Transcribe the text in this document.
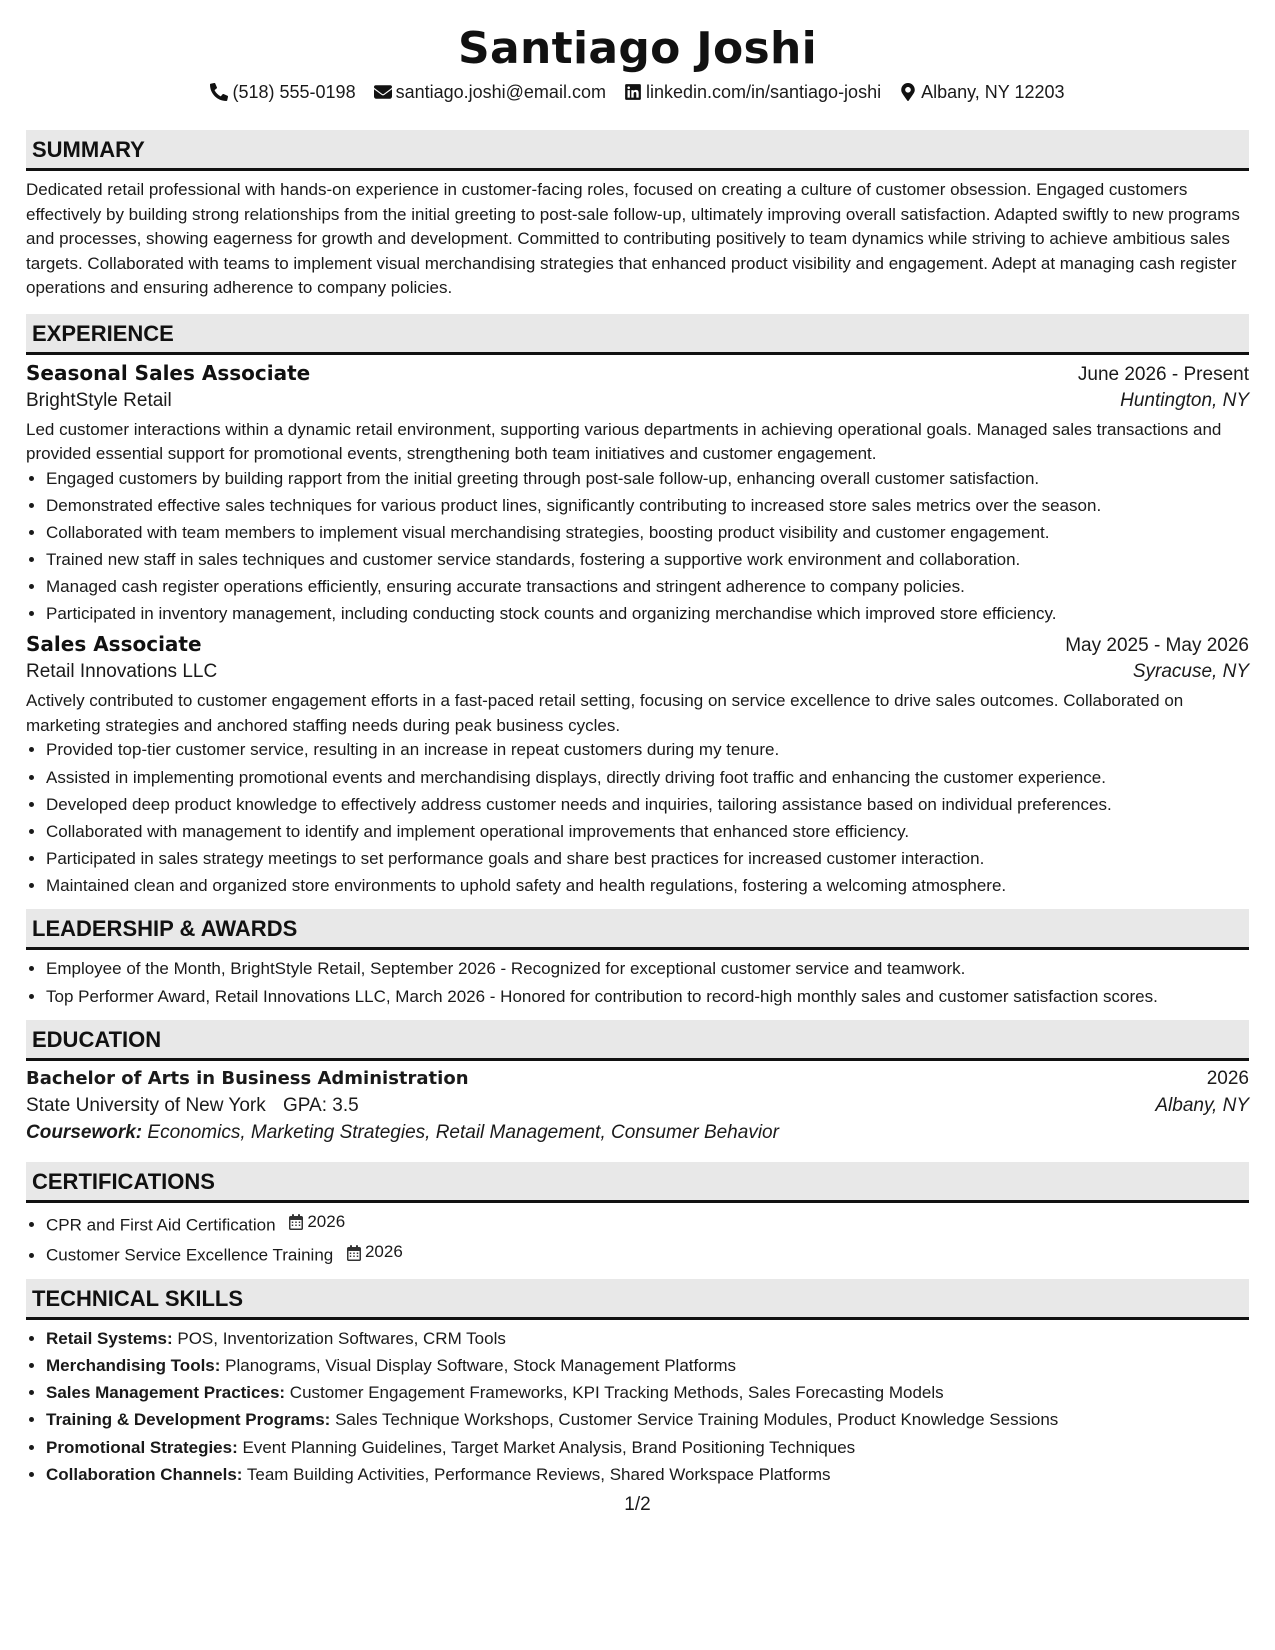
Santiago Joshi
(518) 555-0198 santiago.joshi@email.com linkedin.com/in/santiago-joshi Albany, NY 12203
SUMMARY
Dedicated retail professional with hands-on experience in customer-facing roles, focused on creating a culture of customer obsession. Engaged customers effectively by building strong relationships from the initial greeting to post-sale follow-up, ultimately improving overall satisfaction. Adapted swiftly to new programs and processes, showing eagerness for growth and development. Committed to contributing positively to team dynamics while striving to achieve ambitious sales targets. Collaborated with teams to implement visual merchandising strategies that enhanced product visibility and engagement. Adept at managing cash register operations and ensuring adherence to company policies.
EXPERIENCE
Seasonal Sales Associate	June 2026 - Present
BrightStyle Retail	Huntington, NY
Led customer interactions within a dynamic retail environment, supporting various departments in achieving operational goals. Managed sales transactions and provided essential support for promotional events, strengthening both team initiatives and customer engagement.
• Engaged customers by building rapport from the initial greeting through post-sale follow-up, enhancing overall customer satisfaction.
• Demonstrated effective sales techniques for various product lines, significantly contributing to increased store sales metrics over the season.
• Collaborated with team members to implement visual merchandising strategies, boosting product visibility and customer engagement.
• Trained new staff in sales techniques and customer service standards, fostering a supportive work environment and collaboration.
• Managed cash register operations efficiently, ensuring accurate transactions and stringent adherence to company policies.
• Participated in inventory management, including conducting stock counts and organizing merchandise which improved store efficiency.
Sales Associate	May 2025 - May 2026
Retail Innovations LLC	Syracuse, NY
Actively contributed to customer engagement efforts in a fast-paced retail setting, focusing on service excellence to drive sales outcomes. Collaborated on marketing strategies and anchored staffing needs during peak business cycles.
• Provided top-tier customer service, resulting in an increase in repeat customers during my tenure.
• Assisted in implementing promotional events and merchandising displays, directly driving foot traffic and enhancing the customer experience.
• Developed deep product knowledge to effectively address customer needs and inquiries, tailoring assistance based on individual preferences.
• Collaborated with management to identify and implement operational improvements that enhanced store efficiency.
• Participated in sales strategy meetings to set performance goals and share best practices for increased customer interaction.
• Maintained clean and organized store environments to uphold safety and health regulations, fostering a welcoming atmosphere.
LEADERSHIP & AWARDS
• Employee of the Month, BrightStyle Retail, September 2026 - Recognized for exceptional customer service and teamwork.
• Top Performer Award, Retail Innovations LLC, March 2026 - Honored for contribution to record-high monthly sales and customer satisfaction scores.
EDUCATION
Bachelor of Arts in Business Administration	2026
State University of New York GPA: 3.5	Albany, NY
Coursework: Economics, Marketing Strategies, Retail Management, Consumer Behavior
CERTIFICATIONS
• CPR and First Aid Certification 2026
• Customer Service Excellence Training 2026
TECHNICAL SKILLS
• Retail Systems: POS, Inventorization Softwares, CRM Tools
• Merchandising Tools: Planograms, Visual Display Software, Stock Management Platforms
• Sales Management Practices: Customer Engagement Frameworks, KPI Tracking Methods, Sales Forecasting Models
• Training & Development Programs: Sales Technique Workshops, Customer Service Training Modules, Product Knowledge Sessions
• Promotional Strategies: Event Planning Guidelines, Target Market Analysis, Brand Positioning Techniques
• Collaboration Channels: Team Building Activities, Performance Reviews, Shared Workspace Platforms
1/2
